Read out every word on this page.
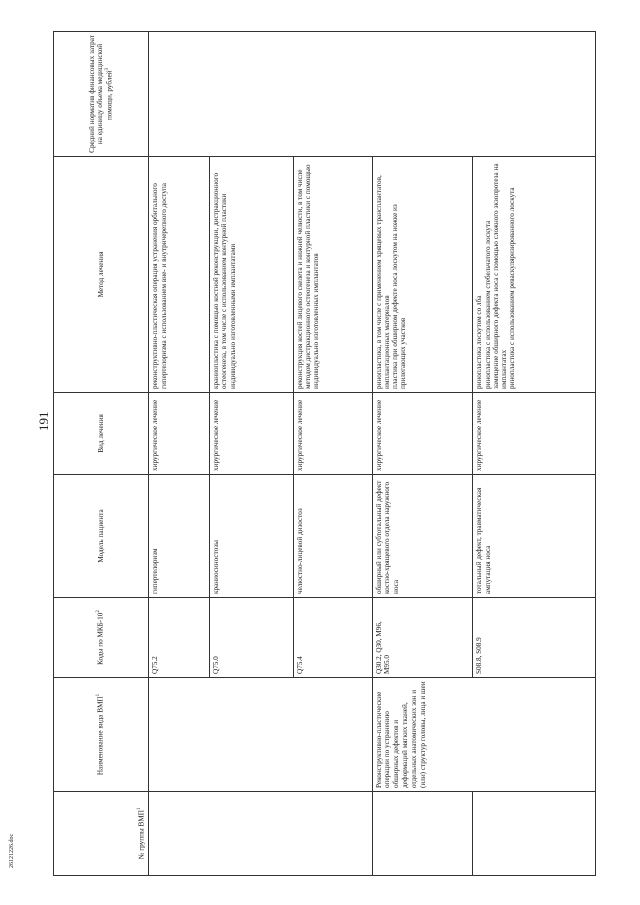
191
26121226.doc	№ группы ВМП$^1$	Наименование вида ВМП$^1$	Коды по МКБ-$10^2$	Модель пациента	Вид лечения	Метод лечения	Средний норматив финансовых затрат на единицу объема медицинской помощи, рублей$^3$
		Q75.2	гипертелоризм	хирургическое лечение	реконструктивно-пластическая операция устранения орбитального гипертелоризма с использованием вне- и внутричерепного доступа	

		Q75.0	краниосиностозы	хирургическое лечение	краниопластика с помощью костной реконструкции, дистракционного остеогенеза, в том числе с использованием контурной пластики индивидуально изготовленными имплантатами	

		Q75.4	челюстно-лицевой дизостоз	хирургическое лечение	реконструкция костей лицевого скелета и нижней челюсти, в том числе методом дистракционного остеогенеза и контурной пластики с помощью индивидуально изготовленных имплантатов	

	Реконструктивно-пластические операции по устранению обширных дефектов и деформаций мягких тканей, отдельных анатомических зон и (или) структур головы, лица и шеи	Q30.2, Q30, M96, M95.0	обширный или субтотальный дефект костно-хрящевого отдела наружного носа	хирургическое лечение	ринопластика, в том числе с применением хрящевых трансплантатов, имплантационных материалов пластика при обширном дефекте носа лоскутом на ножке из прилегающих участков	

		S08.8, S08.9	тотальный дефект, травматическая ампутация носа	хирургическое лечение	ринопластика лоскутом со лба ринопластика с использованием стебельчатого лоскута замещение обширного дефекта носа с помощью сложного экзопротеза на имплантатах ринопластика с использованием реваскуляризированного лоскута	
